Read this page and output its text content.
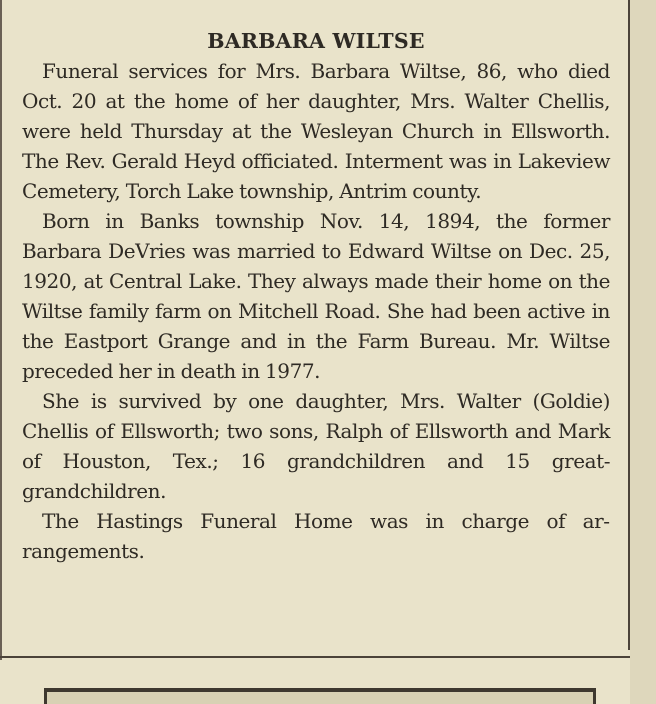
BARBARA WILTSE

Funeral services for Mrs. Barbara Wiltse, 86, who died Oct. 20 at the home of her daughter, Mrs. Walter Chellis, were held Thursday at the Wesleyan Church in Ellsworth. The Rev. Gerald Heyd officiated. Interment was in Lakeview Cemetery, Torch Lake township, Antrim county.

Born in Banks township Nov. 14, 1894, the former Barbara DeVries was married to Edward Wiltse on Dec. 25, 1920, at Central Lake. They always made their home on the Wiltse family farm on Mitchell Road. She had been active in the Eastport Grange and in the Farm Bureau. Mr. Wiltse preceded her in death in 1977.

She is survived by one daughter, Mrs. Walter (Goldie) Chellis of Ellsworth; two sons, Ralph of Ellsworth and Mark of Houston, Tex.; 16 grandchildren and 15 great-grandchildren.

The Hastings Funeral Home was in charge of arrangements.
